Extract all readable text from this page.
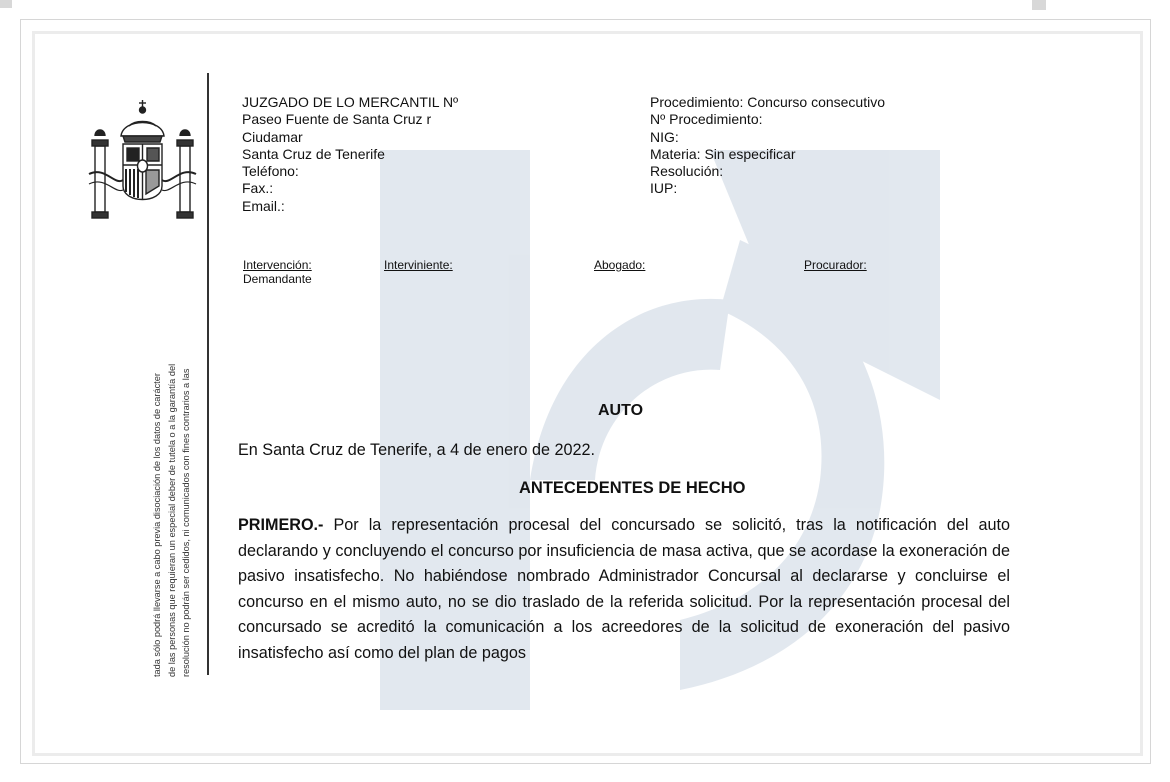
tada sólo podrá llevarse a cabo previa disociación de los datos de carácter de las personas que requieran un especial deber de tutela o a la garantía del resolución no podrán ser cedidos, ni comunicados con fines contrarios a las
JUZGADO DE LO MERCANTIL Nº
Paseo Fuente de Santa Cruz r
Ciudamar
Santa Cruz de Tenerife
Teléfono:
Fax.:
Email.:
Procedimiento: Concurso consecutivo
Nº Procedimiento:
NIG:
Materia: Sin especificar
Resolución:
IUP:
Intervención:
Demandante
Interviniente:	Abogado:	Procurador:
AUTO
En Santa Cruz de Tenerife, a 4 de enero de 2022.
ANTECEDENTES DE HECHO
PRIMERO.- Por la representación procesal del concursado se solicitó, tras la notificación del auto declarando y concluyendo el concurso por insuficiencia de masa activa, que se acordase la exoneración de pasivo insatisfecho. No habiéndose nombrado Administrador Concursal al declararse y concluirse el concurso en el mismo auto, no se dio traslado de la referida solicitud. Por la representación procesal del concursado se acreditó la comunicación a los acreedores de la solicitud de exoneración del pasivo insatisfecho así como del plan de pagos
